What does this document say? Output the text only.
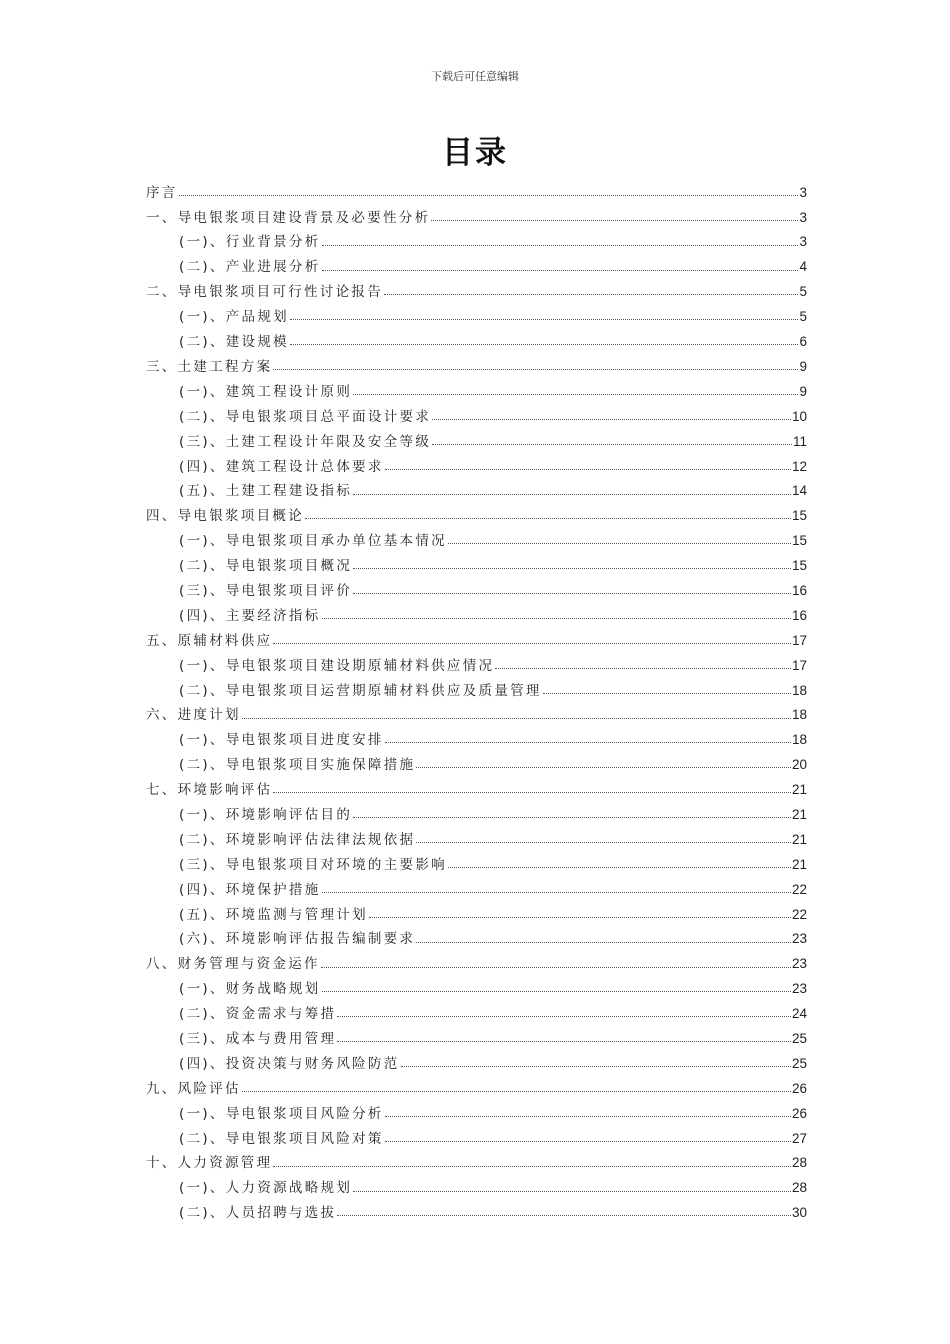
下载后可任意编辑
目录
序言	3
一、导电银浆项目建设背景及必要性分析	3
(一)、行业背景分析	3
(二)、产业进展分析	4
二、导电银浆项目可行性讨论报告	5
(一)、产品规划	5
(二)、建设规模	6
三、土建工程方案	9
(一)、建筑工程设计原则	9
(二)、导电银浆项目总平面设计要求	10
(三)、土建工程设计年限及安全等级	11
(四)、建筑工程设计总体要求	12
(五)、土建工程建设指标	14
四、导电银浆项目概论	15
(一)、导电银浆项目承办单位基本情况	15
(二)、导电银浆项目概况	15
(三)、导电银浆项目评价	16
(四)、主要经济指标	16
五、原辅材料供应	17
(一)、导电银浆项目建设期原辅材料供应情况	17
(二)、导电银浆项目运营期原辅材料供应及质量管理	18
六、进度计划	18
(一)、导电银浆项目进度安排	18
(二)、导电银浆项目实施保障措施	20
七、环境影响评估	21
(一)、环境影响评估目的	21
(二)、环境影响评估法律法规依据	21
(三)、导电银浆项目对环境的主要影响	21
(四)、环境保护措施	22
(五)、环境监测与管理计划	22
(六)、环境影响评估报告编制要求	23
八、财务管理与资金运作	23
(一)、财务战略规划	23
(二)、资金需求与筹措	24
(三)、成本与费用管理	25
(四)、投资决策与财务风险防范	25
九、风险评估	26
(一)、导电银浆项目风险分析	26
(二)、导电银浆项目风险对策	27
十、人力资源管理	28
(一)、人力资源战略规划	28
(二)、人员招聘与选拔	30
